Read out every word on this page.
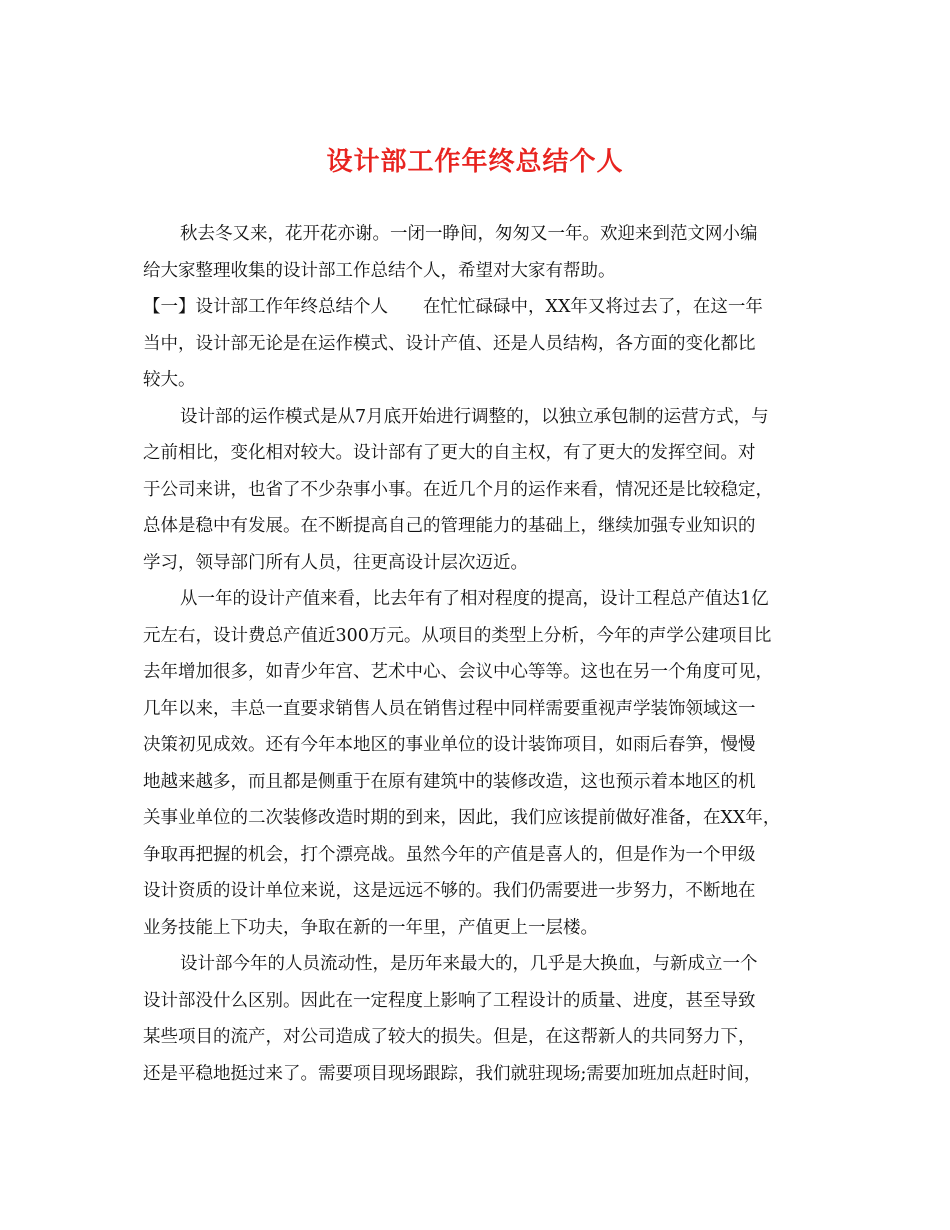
设计部工作年终总结个人
秋去冬又来，花开花亦谢。一闭一睁间，匆匆又一年。欢迎来到范文网小编
给大家整理收集的设计部工作总结个人，希望对大家有帮助。
【一】设计部工作年终总结个人　　在忙忙碌碌中，XX年又将过去了，在这一年
当中，设计部无论是在运作模式、设计产值、还是人员结构，各方面的变化都比
较大。
设计部的运作模式是从7月底开始进行调整的，以独立承包制的运营方式，与
之前相比，变化相对较大。设计部有了更大的自主权，有了更大的发挥空间。对
于公司来讲，也省了不少杂事小事。在近几个月的运作来看，情况还是比较稳定，
总体是稳中有发展。在不断提高自己的管理能力的基础上，继续加强专业知识的
学习，领导部门所有人员，往更高设计层次迈近。
从一年的设计产值来看，比去年有了相对程度的提高，设计工程总产值达1亿
元左右，设计费总产值近300万元。从项目的类型上分析，今年的声学公建项目比
去年增加很多，如青少年宫、艺术中心、会议中心等等。这也在另一个角度可见，
几年以来，丰总一直要求销售人员在销售过程中同样需要重视声学装饰领域这一
决策初见成效。还有今年本地区的事业单位的设计装饰项目，如雨后春笋，慢慢
地越来越多，而且都是侧重于在原有建筑中的装修改造，这也预示着本地区的机
关事业单位的二次装修改造时期的到来，因此，我们应该提前做好准备，在XX年，
争取再把握的机会，打个漂亮战。虽然今年的产值是喜人的，但是作为一个甲级
设计资质的设计单位来说，这是远远不够的。我们仍需要进一步努力，不断地在
业务技能上下功夫，争取在新的一年里，产值更上一层楼。
设计部今年的人员流动性，是历年来最大的，几乎是大换血，与新成立一个
设计部没什么区别。因此在一定程度上影响了工程设计的质量、进度，甚至导致
某些项目的流产，对公司造成了较大的损失。但是，在这帮新人的共同努力下，
还是平稳地挺过来了。需要项目现场跟踪，我们就驻现场;需要加班加点赶时间，
